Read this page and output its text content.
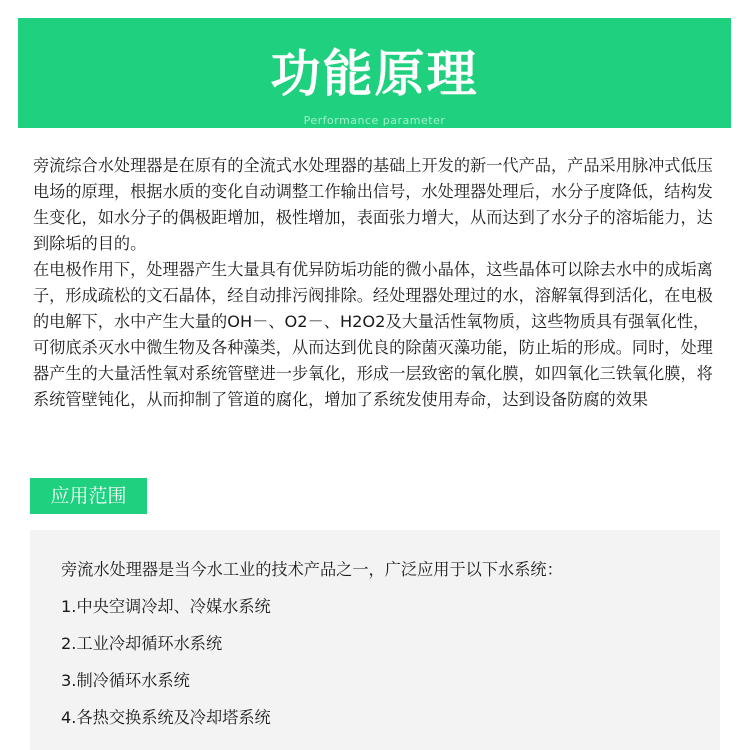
功能原理
Performance parameter

旁流综合水处理器是在原有的全流式水处理器的基础上开发的新一代产品，产品采用脉冲式低压电场的原理，根据水质的变化自动调整工作输出信号，水处理器处理后，水分子度降低，结构发生变化，如水分子的偶极距增加，极性增加，表面张力增大，从而达到了水分子的溶垢能力，达到除垢的目的。

在电极作用下，处理器产生大量具有优异防垢功能的微小晶体，这些晶体可以除去水中的成垢离子，形成疏松的文石晶体，经自动排污阀排除。经处理器处理过的水，溶解氧得到活化，在电极的电解下，水中产生大量的OH－、O2－、H2O2及大量活性氧物质，这些物质具有强氧化性，可彻底杀灭水中微生物及各种藻类，从而达到优良的除菌灭藻功能，防止垢的形成。同时，处理器产生的大量活性氧对系统管壁进一步氧化，形成一层致密的氧化膜，如四氧化三铁氧化膜，将系统管壁钝化，从而抑制了管道的腐化，增加了系统发使用寿命，达到设备防腐的效果

应用范围
旁流水处理器是当今水工业的技术产品之一，广泛应用于以下水系统：
1.中央空调冷却、冷媒水系统
2.工业冷却循环水系统
3.制冷循环水系统
4.各热交换系统及冷却塔系统
